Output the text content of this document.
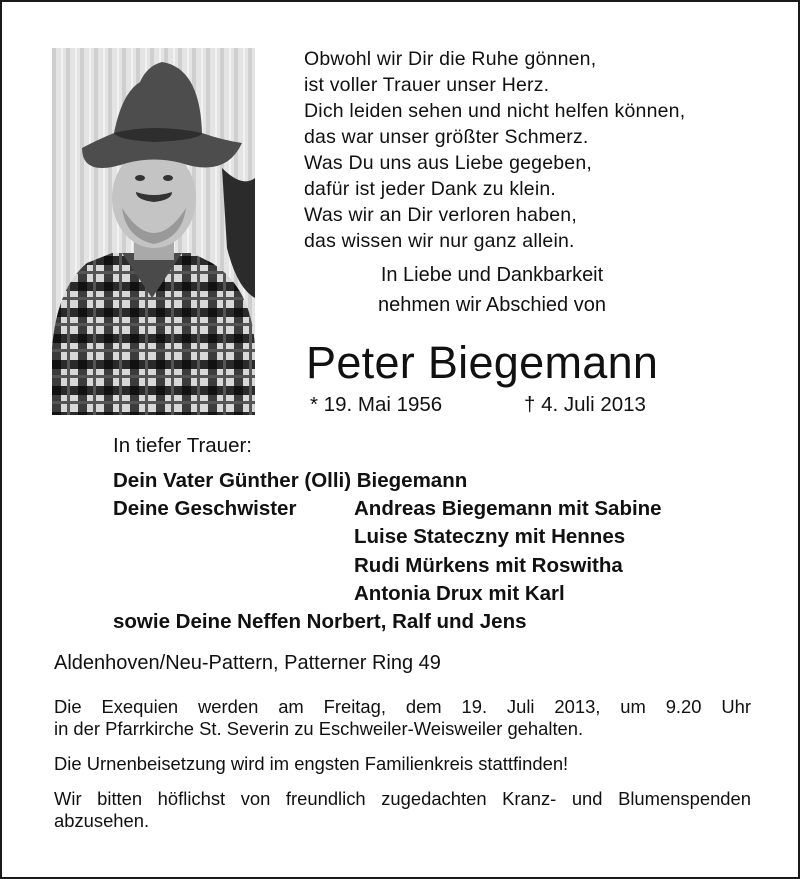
Obwohl wir Dir die Ruhe gönnen,
ist voller Trauer unser Herz.
Dich leiden sehen und nicht helfen können,
das war unser größter Schmerz.
Was Du uns aus Liebe gegeben,
dafür ist jeder Dank zu klein.
Was wir an Dir verloren haben,
das wissen wir nur ganz allein.
In Liebe und Dankbarkeit
nehmen wir Abschied von
Peter Biegemann
* 19. Mai 1956	† 4. Juli 2013
In tiefer Trauer:
Dein Vater Günther (Olli) Biegemann
Deine Geschwister	Andreas Biegemann mit Sabine
Luise Stateczny mit Hennes
Rudi Mürkens mit Roswitha
Antonia Drux mit Karl
sowie Deine Neffen Norbert, Ralf und Jens
Aldenhoven/Neu-Pattern, Patterner Ring 49
Die Exequien werden am Freitag, dem 19. Juli 2013, um 9.20 Uhr
in der Pfarrkirche St. Severin zu Eschweiler-Weisweiler gehalten.
Die Urnenbeisetzung wird im engsten Familienkreis stattfinden!
Wir bitten höflichst von freundlich zugedachten Kranz- und Blumenspenden abzusehen.
